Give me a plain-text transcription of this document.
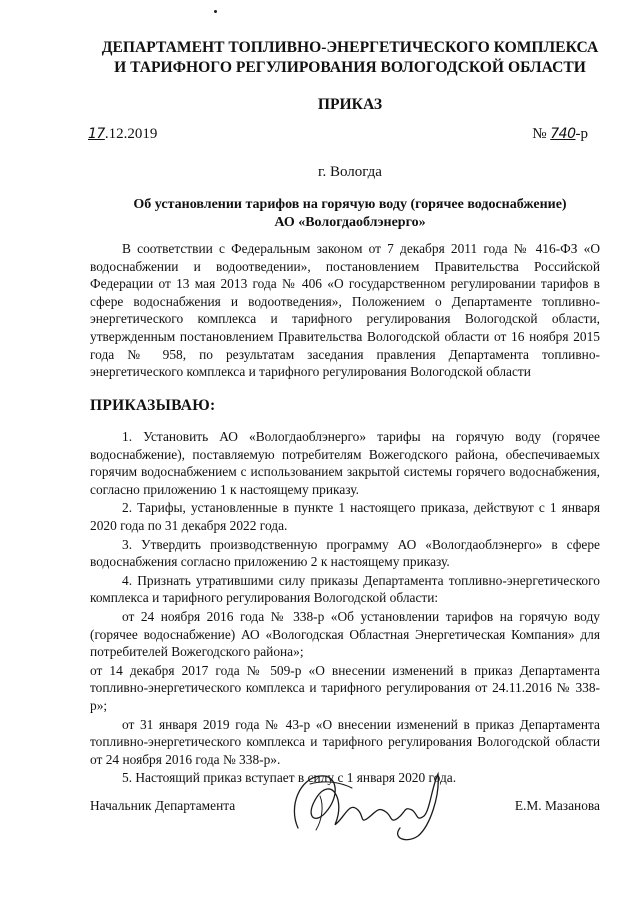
ДЕПАРТАМЕНТ ТОПЛИВНО-ЭНЕРГЕТИЧЕСКОГО КОМПЛЕКСА
И ТАРИФНОГО РЕГУЛИРОВАНИЯ ВОЛОГОДСКОЙ ОБЛАСТИ
ПРИКАЗ
17.12.2019	№ 740-р
г. Вологда
Об установлении тарифов на горячую воду (горячее водоснабжение)
АО «Вологдаоблэнерго»

В соответствии с Федеральным законом от 7 декабря 2011 года № 416-ФЗ «О водоснабжении и водоотведении», постановлением Правительства Российской Федерации от 13 мая 2013 года № 406 «О государственном регулировании тарифов в сфере водоснабжения и водоотведения», Положением о Департаменте топливно-энергетического комплекса и тарифного регулирования Вологодской области, утвержденным постановлением Правительства Вологодской области от 16 ноября 2015 года № 958, по результатам заседания правления Департамента топливно-энергетического комплекса и тарифного регулирования Вологодской области

ПРИКАЗЫВАЮ:

1. Установить АО «Вологдаоблэнерго» тарифы на горячую воду (горячее водоснабжение), поставляемую потребителям Вожегодского района, обеспечиваемых горячим водоснабжением с использованием закрытой системы горячего водоснабжения, согласно приложению 1 к настоящему приказу.

2. Тарифы, установленные в пункте 1 настоящего приказа, действуют с 1 января 2020 года по 31 декабря 2022 года.

3. Утвердить производственную программу АО «Вологдаоблэнерго» в сфере водоснабжения согласно приложению 2 к настоящему приказу.

4. Признать утратившими силу приказы Департамента топливно-энергетического комплекса и тарифного регулирования Вологодской области:

от 24 ноября 2016 года № 338-р «Об установлении тарифов на горячую воду (горячее водоснабжение) АО «Вологодская Областная Энергетическая Компания» для потребителей Вожегодского района»;

от 14 декабря 2017 года № 509-р «О внесении изменений в приказ Департамента топливно-энергетического комплекса и тарифного регулирования от 24.11.2016 № 338-р»;

от 31 января 2019 года № 43-р «О внесении изменений в приказ Департамента топливно-энергетического комплекса и тарифного регулирования Вологодской области от 24 ноября 2016 года № 338-р».

5. Настоящий приказ вступает в силу с 1 января 2020 года.

Начальник Департамента	Е.М. Мазанова
